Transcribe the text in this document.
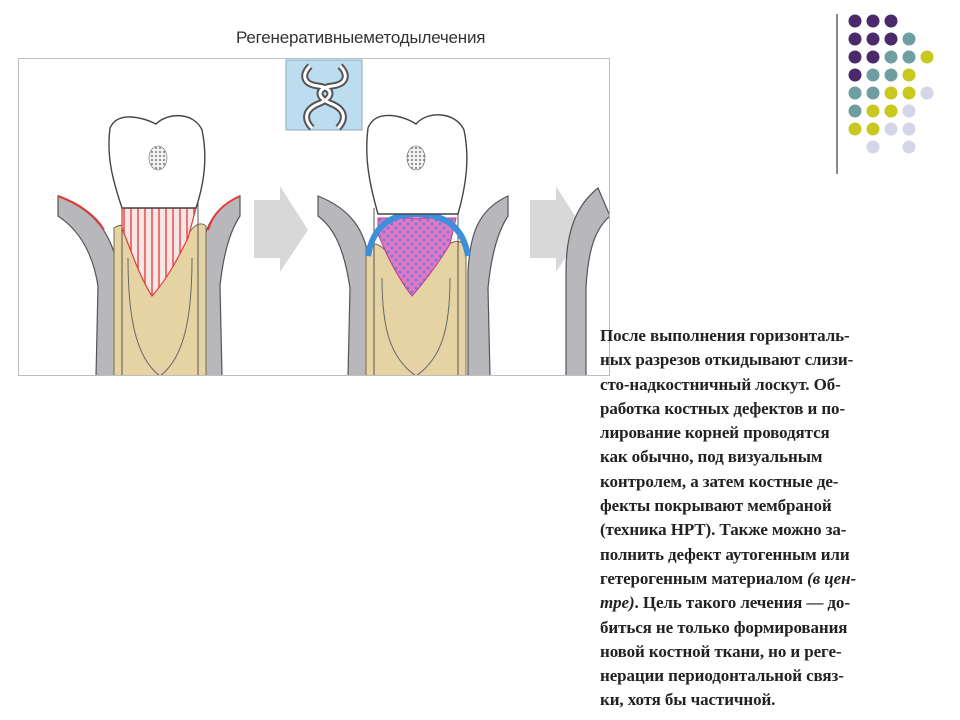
Регенеративныеметодылечения
После выполнения горизонталь-
ных разрезов откидывают слизи-
сто-надкостничный лоскут. Об-
работка костных дефектов и по-
лирование корней проводятся
как обычно, под визуальным
контролем, а затем костные де-
фекты покрывают мембраной
(техника НРТ). Также можно за-
полнить дефект аутогенным или
гетерогенным материалом (в цен-
тре). Цель такого лечения — до-
биться не только формирования
новой костной ткани, но и реге-
нерации периодонтальной связ-
ки, хотя бы частичной.
